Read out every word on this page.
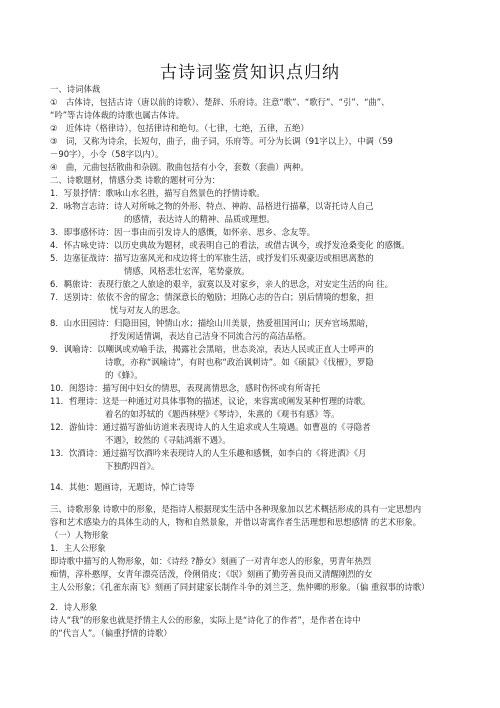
古诗词鉴赏知识点归纳
一、诗词体裁
①　古体诗，包括古诗（唐以前的诗歌）、楚辞、乐府诗。注意“歌”、“歌行”、“引”、“曲”、
“吟”等古诗体裁的诗歌也属古体诗。
②　近体诗（格律诗），包括律诗和绝句。（七律，七绝，五律，五绝）
③　词，又称为诗余，长短句，曲子，曲子词，乐府等。可分为长调（91字以上），中调（59
－90字），小令（58字以内）。
④　曲，元曲包括散曲和杂剧。散曲包括有小令，套数（套曲）两种。
二、诗歌题材，情感分类 诗歌的题材可分为：
1．写景抒情：歌咏山水名胜，描写自然景色的抒情诗歌。
2．咏物言志诗：诗人对所咏之物的外形、特点、神韵、品格进行描摹，以寄托诗人自己
的感情，表达诗人的精神、品质或理想。
3．即事感怀诗：因一事由而引发诗人的感慨，如怀亲、思乡、念友等。
4．怀古咏史诗：以历史典故为题材，或表明自己的看法，或借古讽今，或抒发沧桑变化 的感慨。
5．边塞征战诗：描写边塞风光和戍边将士的军旅生活，或抒发们乐观豪迈或相思离愁的
情感，风格悲壮宏浑，笔势豪放。
6．羁旅诗：表现行旅之人旅途的艰辛，寂寞以及对家乡，亲人的思念，对安定生活的向 往。
7．送别诗：依依不舍的留念；情深意长的勉励；坦陈心志的告白；别后情境的想象，担
忧与对友人的思念。
8．山水田园诗：归隐田园，钟情山水；描绘山川美景，热爱祖国河山；厌弃官场黑暗，
抒发闲适情调，表达自己洁身不同流合污的高洁品格。
9．讽喻诗：以嘲讽或劝喻手法，揭露社会黑暗，世态炎凉，表达人民或正直人士呼声的
诗歌，亦称“讽喻诗”，有时也称“政治讽刺诗”。如《硕鼠》《伐檀》，罗隐
的《蜂》。
10．闺怨诗：描写闺中妇女的情思，表现离情思念，感时伤怀或有所寄托
11．哲理诗：这是一种通过对具体事物的描述，议论，来容寓或阐发某种哲理的诗歌。
着名的如苏轼的《题西林壁》《琴诗》，朱熹的《观书有感》等。
12．游仙诗：通过描写游仙访道来表现诗人的人生追求或人生境遇。如曹邕的《寻隐者
不遇》，皎然的《寻陆鸿渐不遇》。
13．饮酒诗：通过描写饮酒吟来表现诗人的人生乐趣和感慨，如李白的《将进酒》《月
下独酌四首》。
14．其他：题画诗，无题诗，悼亡诗等
三、诗歌形象 诗歌中的形象，是指诗人根据现实生活中各种现象加以艺术概括形成的具有一定思想内
容和艺术感染力的具体生动的人，物和自然景象，并借以寄寓作者生活理想和思想感情 的艺术形象。
（一）人物形象
1．主人公形象
即诗歌中描写的人物形象，如：《诗经 ?静女》刻画了一对青年恋人的形象，男青年热烈
痴情，淳朴憨厚，女青年漂亮活泼，伶俐俏皮；《氓》刻画了勤劳善良而又清醒刚烈的女
主人公形象；《孔雀东南飞》刻画了同封建家长制作斗争的刘兰芝，焦仲卿的形象。（偏 重叙事的诗歌）
2．诗人形象
诗人“我”的形象也就是抒情主人公的形象，实际上是“诗化了的作者”，是作者在诗中
的“代言人”。（偏重抒情的诗歌）
